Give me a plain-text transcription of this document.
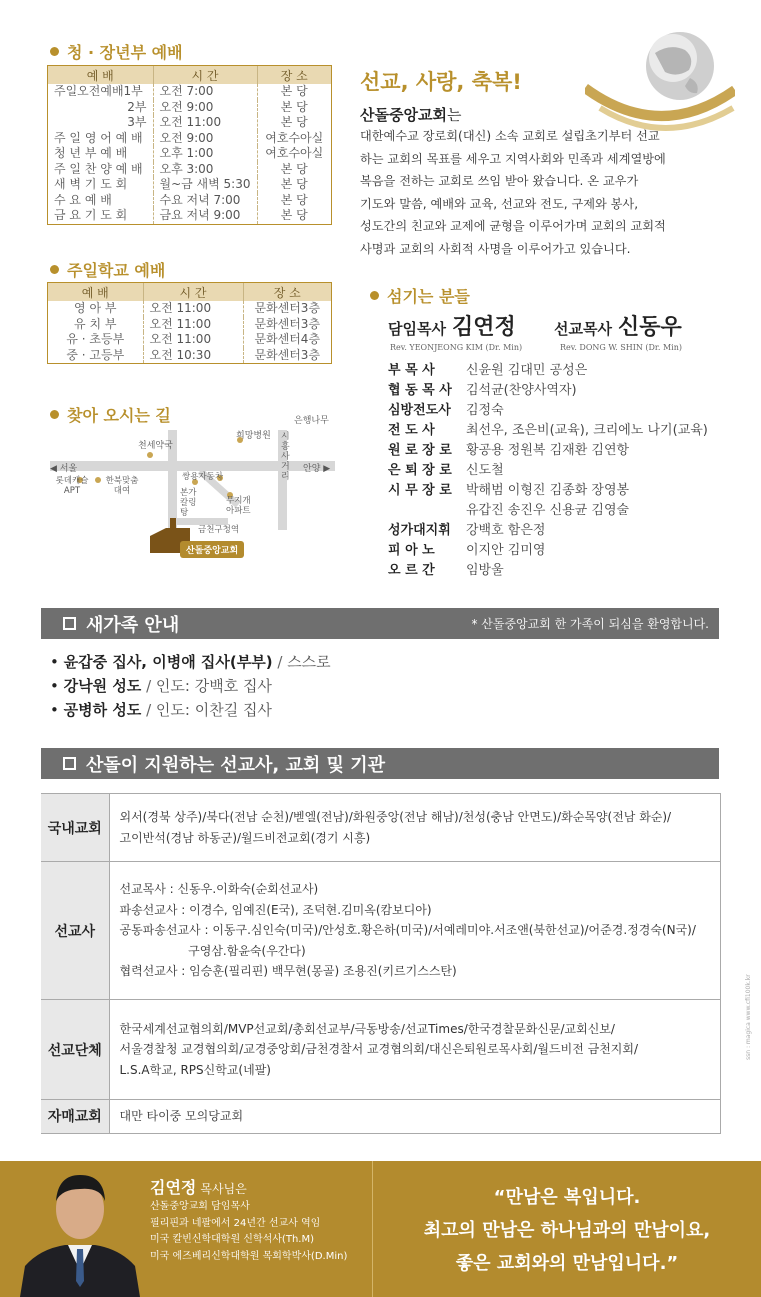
청 · 장년부 예배
예 배	시 간	장 소
주일오전예배1부	오전 7:00	본 당
2부	오전 9:00	본 당
3부	오전 11:00	본 당
주 일 영 어 예 배	오전 9:00	여호수아실
청 년 부 예 배	오후 1:00	여호수아실
주 일 찬 양 예 배	오후 3:00	본 당
새 벽 기 도 회	월~금 새벽 5:30	본 당
수 요 예 배	수요 저녁 7:00	본 당
금 요 기 도 회	금요 저녁 9:00	본 당
주일학교 예배
예 배	시 간	장 소
영 아 부	오전 11:00	문화센터3층
유 치 부	오전 11:00	문화센터3층
유 · 초등부	오전 11:00	문화센터4층
중 · 고등부	오전 10:30	문화센터3층
찾아 오시는 길
천세약국
희망병원
은행나무
시흥사거리
◀ 서울	안양 ▶
롯데캐슬 APT
한북맞춤 대여
쌍용자동차
본가 칼링탕
무지개 아파트
금천구청역
산돌중앙교회
선교, 사랑, 축복!
산돌중앙교회는
대한예수교 장로회(대신) 소속 교회로 설립초기부터 선교
하는 교회의 목표를 세우고 지역사회와 민족과 세계열방에
복음을 전하는 교회로 쓰임 받아 왔습니다. 온 교우가
기도와 말씀, 예배와 교육, 선교와 전도, 구제와 봉사,
성도간의 친교와 교제에 균형을 이루어가며 교회의 교회적
사명과 교회의 사회적 사명을 이루어가고 있습니다.
섬기는 분들
담임목사 김연정
Rev. YEONJEONG KIM (Dr. Min)
선교목사 신동우
Rev. DONG W. SHIN (Dr. Min)
부 목 사	신윤원 김대민 공성은
협 동 목 사	김석균(찬양사역자)
심방전도사	김정숙
전 도 사	최선우, 조은비(교육), 크리에노 나기(교육)
원 로 장 로	황공용 정원복 김재환 김연항
은 퇴 장 로	신도철
시 무 장 로	박해범 이형진 김종화 장영봉
유갑진 송진우 신용균 김영술
성가대지휘	강백호 함은정
피 아 노	이지안 김미영
오 르 간	임방울
새가족 안내	* 산돌중앙교회 한 가족이 되심을 환영합니다.
• 윤갑중 집사, 이병애 집사(부부) / 스스로
• 강낙원 성도 / 인도: 강백호 집사
• 공병하 성도 / 인도: 이찬길 집사
산돌이 지원하는 선교사, 교회 및 기관
국내교회	외서(경북 상주)/북다(전남 순천)/벧엘(전남)/화원중앙(전남 해남)/천성(충남 안면도)/화순목양(전남 화순)/
고이반석(경남 하동군)/월드비전교회(경기 시흥)

선교사	선교목사 : 신동우.이화숙(순회선교사)
파송선교사 : 이경수, 임예진(E국), 조덕현.김미옥(캄보디아)
공동파송선교사 : 이동구.심인숙(미국)/안성호.황은하(미국)/서예레미야.서조앤(북한선교)/어준경.정경숙(N국)/
구영삼.함윤숙(우간다)
협력선교사 : 임승훈(필리핀) 백무현(몽골) 조용진(키르기스스탄)

선교단체	한국세계선교협의회/MVP선교회/총회선교부/극동방송/선교Times/한국경찰문화신문/교회신보/
서울경찰청 교경협의회/교경중앙회/금천경찰서 교경협의회/대신은퇴원로목사회/월드비전 금천지회/
L.S.A학교, RPS신학교(네팔)

자매교회	대만 타이중 모의당교회
ssn : magica www.cfi100k.kr
김연정 목사님은
산돌중앙교회 담임목사
필리핀과 네팔에서 24년간 선교사 역임
미국 칼빈신학대학원 신학석사(Th.M)
미국 에즈베리신학대학원 목회학박사(D.Min)
“만남은 복입니다.
최고의 만남은 하나님과의 만남이요,
좋은 교회와의 만남입니다.”
